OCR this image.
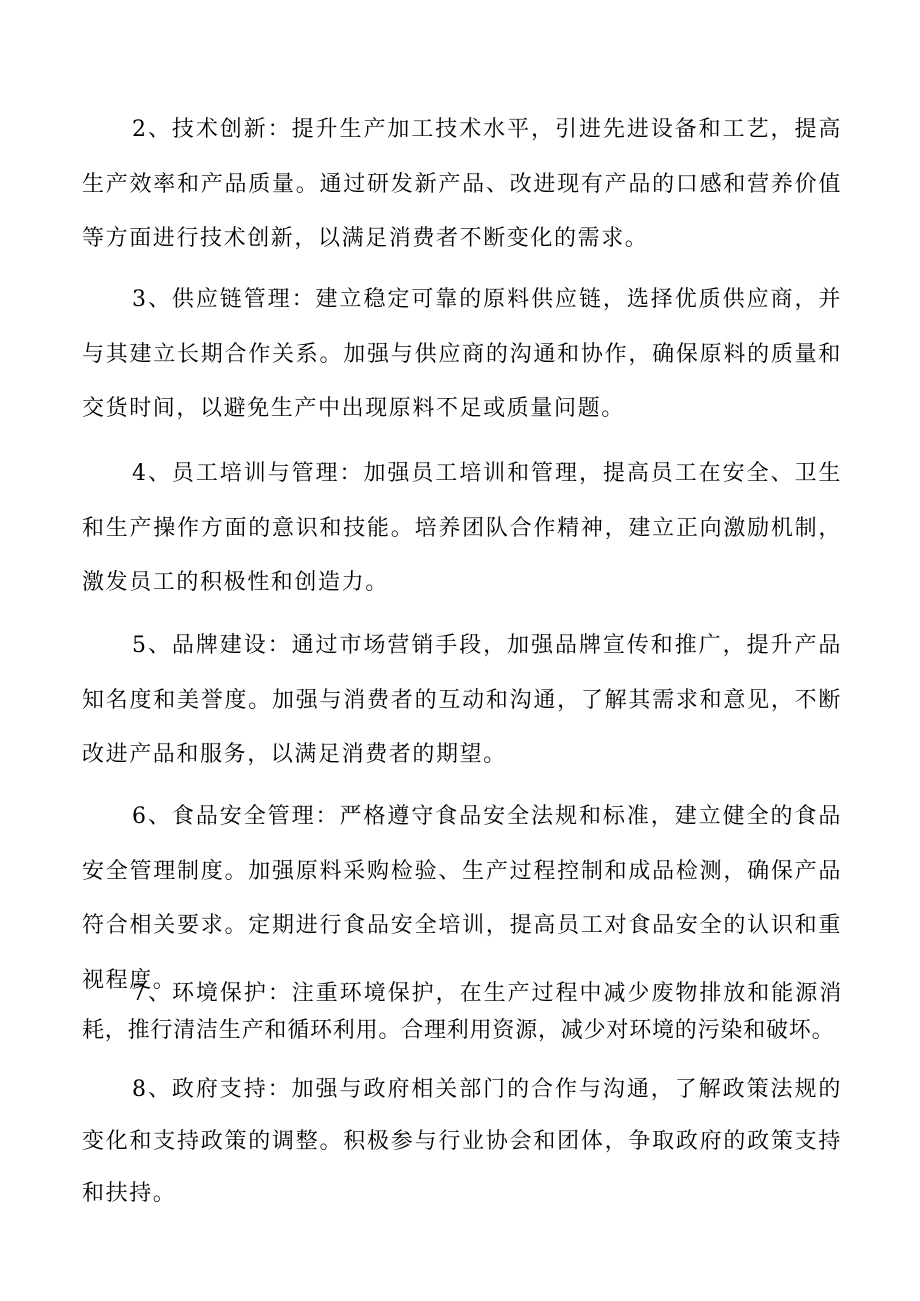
2、技术创新：提升生产加工技术水平，引进先进设备和工艺，提高生产效率和产品质量。通过研发新产品、改进现有产品的口感和营养价值等方面进行技术创新，以满足消费者不断变化的需求。

3、供应链管理：建立稳定可靠的原料供应链，选择优质供应商，并与其建立长期合作关系。加强与供应商的沟通和协作，确保原料的质量和交货时间，以避免生产中出现原料不足或质量问题。

4、员工培训与管理：加强员工培训和管理，提高员工在安全、卫生和生产操作方面的意识和技能。培养团队合作精神，建立正向激励机制，激发员工的积极性和创造力。

5、品牌建设：通过市场营销手段，加强品牌宣传和推广，提升产品知名度和美誉度。加强与消费者的互动和沟通，了解其需求和意见，不断改进产品和服务，以满足消费者的期望。

6、食品安全管理：严格遵守食品安全法规和标准，建立健全的食品安全管理制度。加强原料采购检验、生产过程控制和成品检测，确保产品符合相关要求。定期进行食品安全培训，提高员工对食品安全的认识和重视程度。

7、环境保护：注重环境保护，在生产过程中减少废物排放和能源消耗，推行清洁生产和循环利用。合理利用资源，减少对环境的污染和破坏。

8、政府支持：加强与政府相关部门的合作与沟通，了解政策法规的变化和支持政策的调整。积极参与行业协会和团体，争取政府的政策支持和扶持。
